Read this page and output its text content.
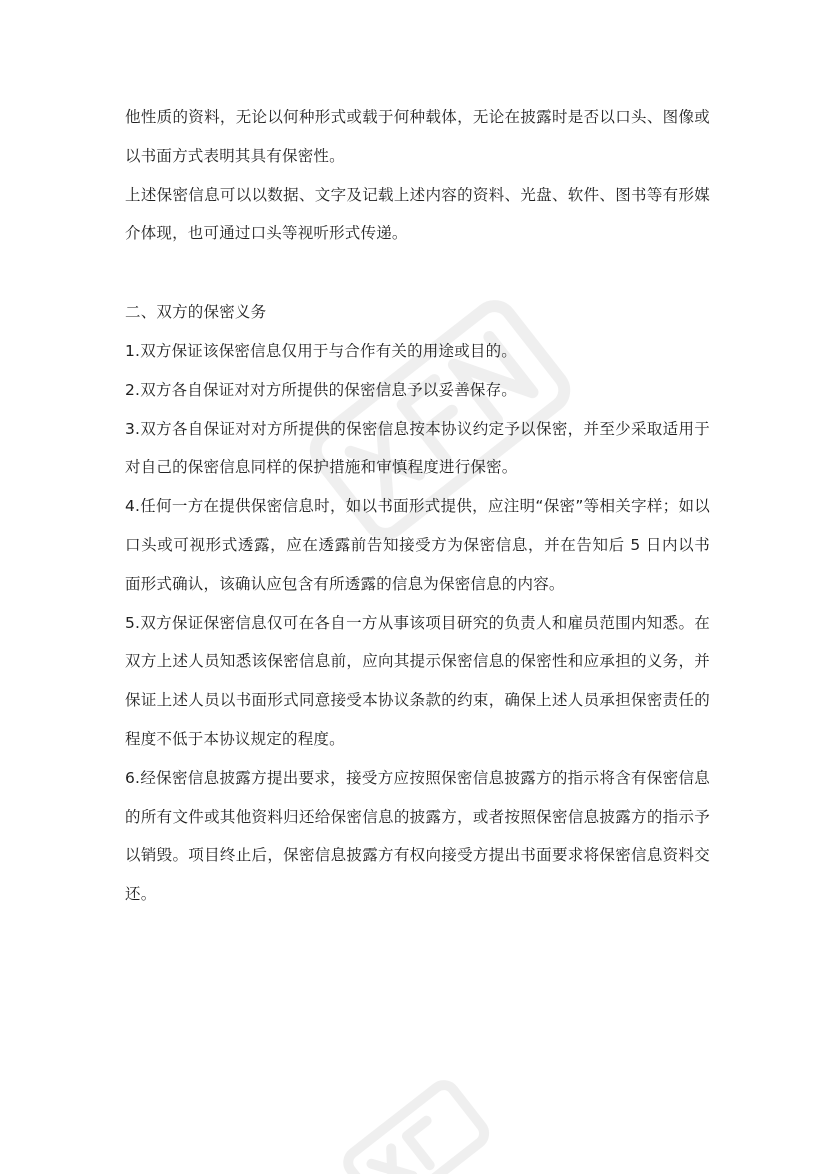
他性质的资料，无论以何种形式或载于何种载体，无论在披露时是否以口头、图像或以书面方式表明其具有保密性。

上述保密信息可以以数据、文字及记载上述内容的资料、光盘、软件、图书等有形媒介体现，也可通过口头等视听形式传递。

二、双方的保密义务

1.双方保证该保密信息仅用于与合作有关的用途或目的。

2.双方各自保证对对方所提供的保密信息予以妥善保存。

3.双方各自保证对对方所提供的保密信息按本协议约定予以保密，并至少采取适用于对自己的保密信息同样的保护措施和审慎程度进行保密。

4.任何一方在提供保密信息时，如以书面形式提供，应注明“保密”等相关字样；如以口头或可视形式透露，应在透露前告知接受方为保密信息，并在告知后 5 日内以书面形式确认，该确认应包含有所透露的信息为保密信息的内容。

5.双方保证保密信息仅可在各自一方从事该项目研究的负责人和雇员范围内知悉。在双方上述人员知悉该保密信息前，应向其提示保密信息的保密性和应承担的义务，并保证上述人员以书面形式同意接受本协议条款的约束，确保上述人员承担保密责任的程度不低于本协议规定的程度。

6.经保密信息披露方提出要求，接受方应按照保密信息披露方的指示将含有保密信息的所有文件或其他资料归还给保密信息的披露方，或者按照保密信息披露方的指示予以销毁。项目终止后，保密信息披露方有权向接受方提出书面要求将保密信息资料交还。
